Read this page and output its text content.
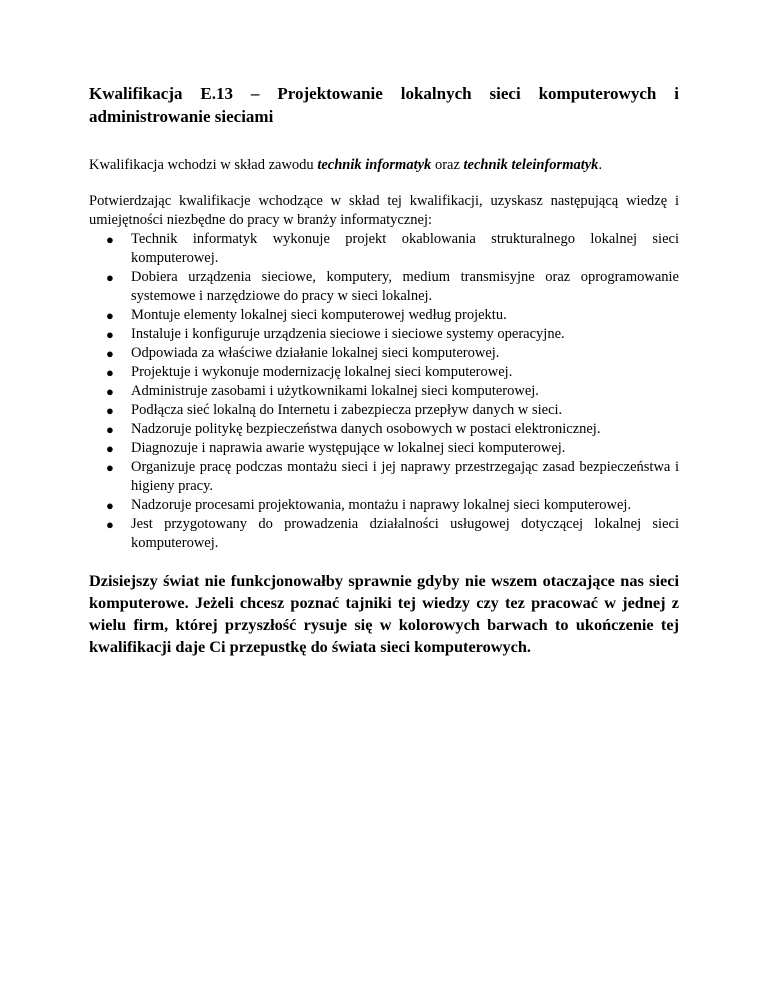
Kwalifikacja E.13 – Projektowanie lokalnych sieci komputerowych i administrowanie sieciami

Kwalifikacja wchodzi w skład zawodu technik informatyk oraz technik teleinformatyk.

Potwierdzając kwalifikacje wchodzące w skład tej kwalifikacji, uzyskasz następującą wiedzę i umiejętności niezbędne do pracy w branży informatycznej:

●	Technik informatyk wykonuje projekt okablowania strukturalnego lokalnej sieci komputerowej.
●	Dobiera urządzenia sieciowe, komputery, medium transmisyjne oraz oprogramowanie systemowe i narzędziowe do pracy w sieci lokalnej.
●	Montuje elementy lokalnej sieci komputerowej według projektu.
●	Instaluje i konfiguruje urządzenia sieciowe i sieciowe systemy operacyjne.
●	Odpowiada za właściwe działanie lokalnej sieci komputerowej.
●	Projektuje i wykonuje modernizację lokalnej sieci komputerowej.
●	Administruje zasobami i użytkownikami lokalnej sieci komputerowej.
●	Podłącza sieć lokalną do Internetu i zabezpiecza przepływ danych w sieci.
●	Nadzoruje politykę bezpieczeństwa danych osobowych w postaci elektronicznej.
●	Diagnozuje i naprawia awarie występujące w lokalnej sieci komputerowej.
●	Organizuje pracę podczas montażu sieci i jej naprawy przestrzegając zasad bezpieczeństwa i higieny pracy.
●	Nadzoruje procesami projektowania, montażu i naprawy lokalnej sieci komputerowej.
●	Jest przygotowany do prowadzenia działalności usługowej dotyczącej lokalnej sieci komputerowej.

Dzisiejszy świat nie funkcjonowałby sprawnie gdyby nie wszem otaczające nas sieci komputerowe. Jeżeli chcesz poznać tajniki tej wiedzy czy tez pracować w jednej z wielu firm, której przyszłość rysuje się w kolorowych barwach to ukończenie tej kwalifikacji daje Ci przepustkę do świata sieci komputerowych.
